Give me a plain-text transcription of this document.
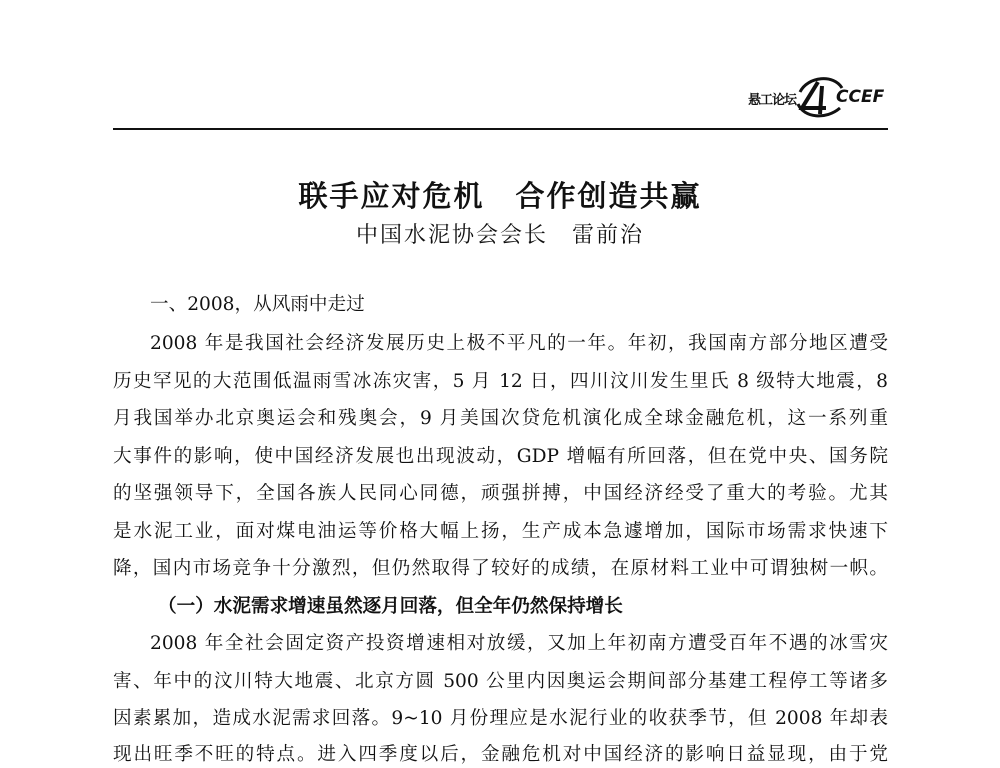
悬工论坛 CCEF
联手应对危机　合作创造共赢
中国水泥协会会长　雷前治
一、2008，从风雨中走过
2008 年是我国社会经济发展历史上极不平凡的一年。年初，我国南方部分地区遭受
历史罕见的大范围低温雨雪冰冻灾害，5 月 12 日，四川汶川发生里氏 8 级特大地震，8
月我国举办北京奥运会和残奥会，9 月美国次贷危机演化成全球金融危机，这一系列重
大事件的影响，使中国经济发展也出现波动，GDP 增幅有所回落，但在党中央、国务院
的坚强领导下，全国各族人民同心同德，顽强拼搏，中国经济经受了重大的考验。尤其
是水泥工业，面对煤电油运等价格大幅上扬，生产成本急遽增加，国际市场需求快速下
降，国内市场竞争十分激烈，但仍然取得了较好的成绩，在原材料工业中可谓独树一帜。
（一）水泥需求增速虽然逐月回落，但全年仍然保持增长
2008 年全社会固定资产投资增速相对放缓，又加上年初南方遭受百年不遇的冰雪灾
害、年中的汶川特大地震、北京方圆 500 公里内因奥运会期间部分基建工程停工等诸多
因素累加，造成水泥需求回落。9~10 月份理应是水泥行业的收获季节，但 2008 年却表
现出旺季不旺的特点。进入四季度以后，金融危机对中国经济的影响日益显现，由于党
